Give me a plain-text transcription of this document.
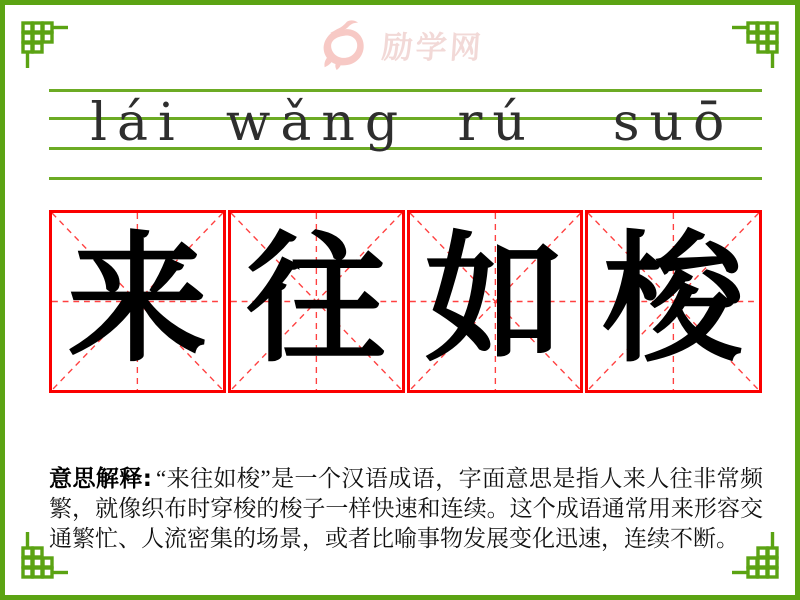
励学网
lái wǎng rú	suō
来 往 如 梭

意思解释: “来往如梭”是一个汉语成语，字面意思是指人来人往非常频繁，就像织布时穿梭的梭子一样快速和连续。这个成语通常用来形容交通繁忙、人流密集的场景，或者比喻事物发展变化迅速，连续不断。
